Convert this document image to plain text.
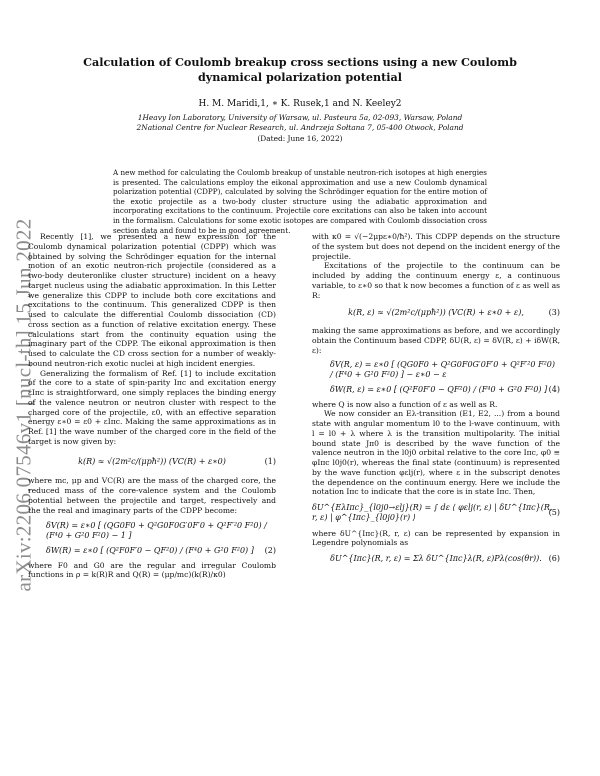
arXiv:2206.07546v1 [nucl-th] 15 Jun 2022
Calculation of Coulomb breakup cross sections using a new Coulomb dynamical polarization potential
H. M. Maridi,1, ∗ K. Rusek,1 and N. Keeley2
1Heavy Ion Laboratory, University of Warsaw, ul. Pasteura 5a, 02-093, Warsaw, Poland
2National Centre for Nuclear Research, ul. Andrzeja Sołtana 7, 05-400 Otwock, Poland
(Dated: June 16, 2022)
A new method for calculating the Coulomb breakup of unstable neutron-rich isotopes at high energies is presented. The calculations employ the eikonal approximation and use a new Coulomb dynamical polarization potential (CDPP), calculated by solving the Schrödinger equation for the entire motion of the exotic projectile as a two-body cluster structure using the adiabatic approximation and incorporating excitations to the continuum. Projectile core excitations can also be taken into account in the formalism. Calculations for some exotic isotopes are compared with Coulomb dissociation cross section data and found to be in good agreement.

Recently [1], we presented a new expression for the Coulomb dynamical polarization potential (CDPP) which was obtained by solving the Schrödinger equation for the internal motion of an exotic neutron-rich projectile (considered as a two-body deuteronlike cluster structure) incident on a heavy target nucleus using the adiabatic approximation. In this Letter we generalize this CDPP to include both core excitations and excitations to the continuum. This generalized CDPP is then used to calculate the differential Coulomb dissociation (CD) cross section as a function of relative excitation energy. These calculations start from the continuity equation using the imaginary part of the CDPP. The eikonal approximation is then used to calculate the CD cross section for a number of weakly-bound neutron-rich exotic nuclei at high incident energies.

Generalizing the formalism of Ref. [1] to include excitation of the core to a state of spin-parity Iπc and excitation energy εIπc is straightforward, one simply replaces the binding energy of the valence neutron or neutron cluster with respect to the charged core of the projectile, ε0, with an effective separation energy ε∗0 = ε0 + εIπc. Making the same approximations as in Ref. [1] the wave number of the charged core in the field of the target is now given by:

k(R) ≈ √(2m²c/(μpħ²)) (VC(R) + ε∗0)	(1)

where mc, μp and VC(R) are the mass of the charged core, the reduced mass of the core-valence system and the Coulomb potential between the projectile and target, respectively and the the real and imaginary parts of the CDPP become:

δV(R) = ε∗0 [ (QG0F0 + Q²G0F0G′0F′0 + Q²F′²0 F²0) / (F⁴0 + G²0 F²0) − 1 ]
δW(R) = ε∗0 [ (Q²F0F′0 − QF²0) / (F⁴0 + G²0 F²0) ] (2)

where F0 and G0 are the regular and irregular Coulomb functions in ρ = k(R)R and Q(R) = (μp/mc)(k(R)/κ0)

with κ0 = √(−2μpε∗0/ħ²). This CDPP depends on the structure of the system but does not depend on the incident energy of the projectile.

Excitations of the projectile to the continuum can be included by adding the continuum energy ε, a continuous variable, to ε∗0 so that k now becomes a function of ε as well as R:

k(R, ε) ≈ √(2m²c/(μpħ²)) (VC(R) + ε∗0 + ε),	(3)

making the same approximations as before, and we accordingly obtain the Continuum based CDPP, δU(R, ε) = δV(R, ε) + iδW(R, ε):

δV(R, ε) = ε∗0 [ (QG0F0 + Q²G0F0G′0F′0 + Q²F′²0 F²0) / (F⁴0 + G²0 F²0) ] − ε∗0 − ε
δW(R, ε) = ε∗0 [ (Q²F0F′0 − QF²0) / (F⁴0 + G²0 F²0) ] (4)

where Q is now also a function of ε as well as R.

We now consider an Eλ-transition (E1, E2, ...) from a bound state with angular momentum l0 to the l-wave continuum, with l = l0 + λ where λ is the transition multipolarity. The initial bound state Jπ0 is described by the wave function of the valence neutron in the l0j0 orbital relative to the core Iπc, φ0 ≡ φIπc l0j0(r), whereas the final state (continuum) is represented by the wave function φεlj(r), where ε in the subscript denotes the dependence on the continuum energy. Here we include the notation Iπc to indicate that the core is in state Iπc. Then,

δU^{EλIπc}_{l0j0→εlj}(R) = ∫ dε ⟨ φεlj(r, ε) | δU^{Iπc}(R, r, ε) | φ^{Iπc}_{l0j0}(r) ⟩
(5)

where δU^{Iπc}(R, r, ε) can be represented by expansion in Legendre polynomials as

δU^{Iπc}(R, r, ε) = Σλ δU^{Iπc}λ(R, ε)Pλ(cos(θr)). (6)
